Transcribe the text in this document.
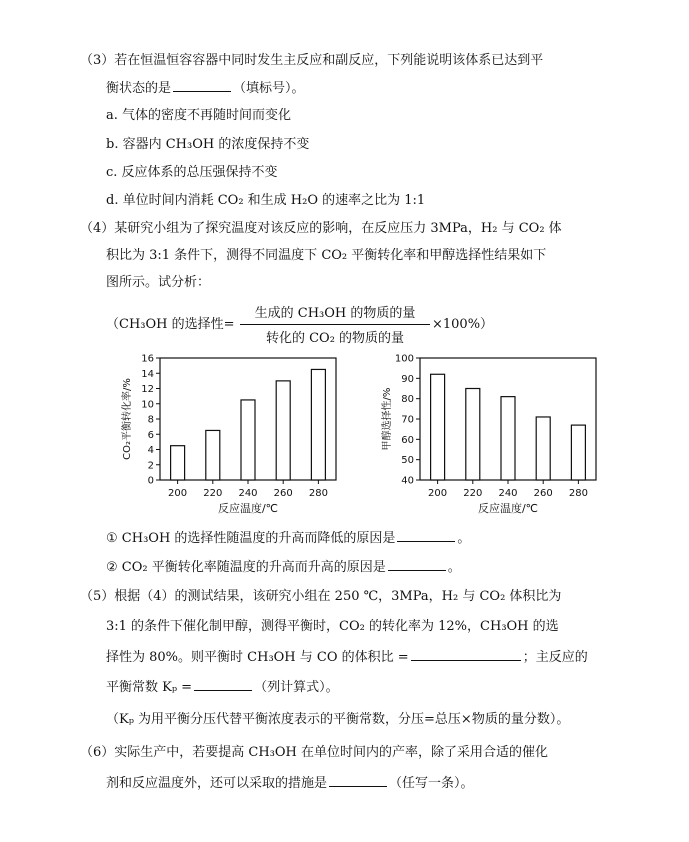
（3）若在恒温恒容容器中同时发生主反应和副反应，下列能说明该体系已达到平
衡状态的是	（填标号）。
a. 气体的密度不再随时间而变化
b. 容器内 CH₃OH 的浓度保持不变
c. 反应体系的总压强保持不变
d. 单位时间内消耗 CO₂ 和生成 H₂O 的速率之比为 1:1
（4）某研究小组为了探究温度对该反应的影响，在反应压力 3MPa，H₂ 与 CO₂ 体
积比为 3:1 条件下，测得不同温度下 CO₂ 平衡转化率和甲醇选择性结果如下
图所示。试分析：
（CH₃OH 的选择性=
生成的 CH₃OH 的物质的量
转化的 CO₂ 的物质的量
×100%）
0
2
4
6
8
10
12
14
16
200 220 240 260 280
反应温度/℃
CO₂平衡转化率/%
40
50
60
70
80
90
100
200 220 240 260 280
反应温度/℃
甲醇选择性/%
① CH₃OH 的选择性随温度的升高而降低的原因是	。
② CO₂ 平衡转化率随温度的升高而升高的原因是	。
（5）根据（4）的测试结果，该研究小组在 250 ℃，3MPa，H₂ 与 CO₂ 体积比为
3:1 的条件下催化制甲醇，测得平衡时，CO₂ 的转化率为 12%，CH₃OH 的选
择性为 80%。则平衡时 CH₃OH 与 CO 的体积比 =	；主反应的
平衡常数 Kₚ =	（列计算式）。
（Kₚ 为用平衡分压代替平衡浓度表示的平衡常数，分压=总压×物质的量分数）。
（6）实际生产中，若要提高 CH₃OH 在单位时间内的产率，除了采用合适的催化
剂和反应温度外，还可以采取的措施是	（任写一条）。
